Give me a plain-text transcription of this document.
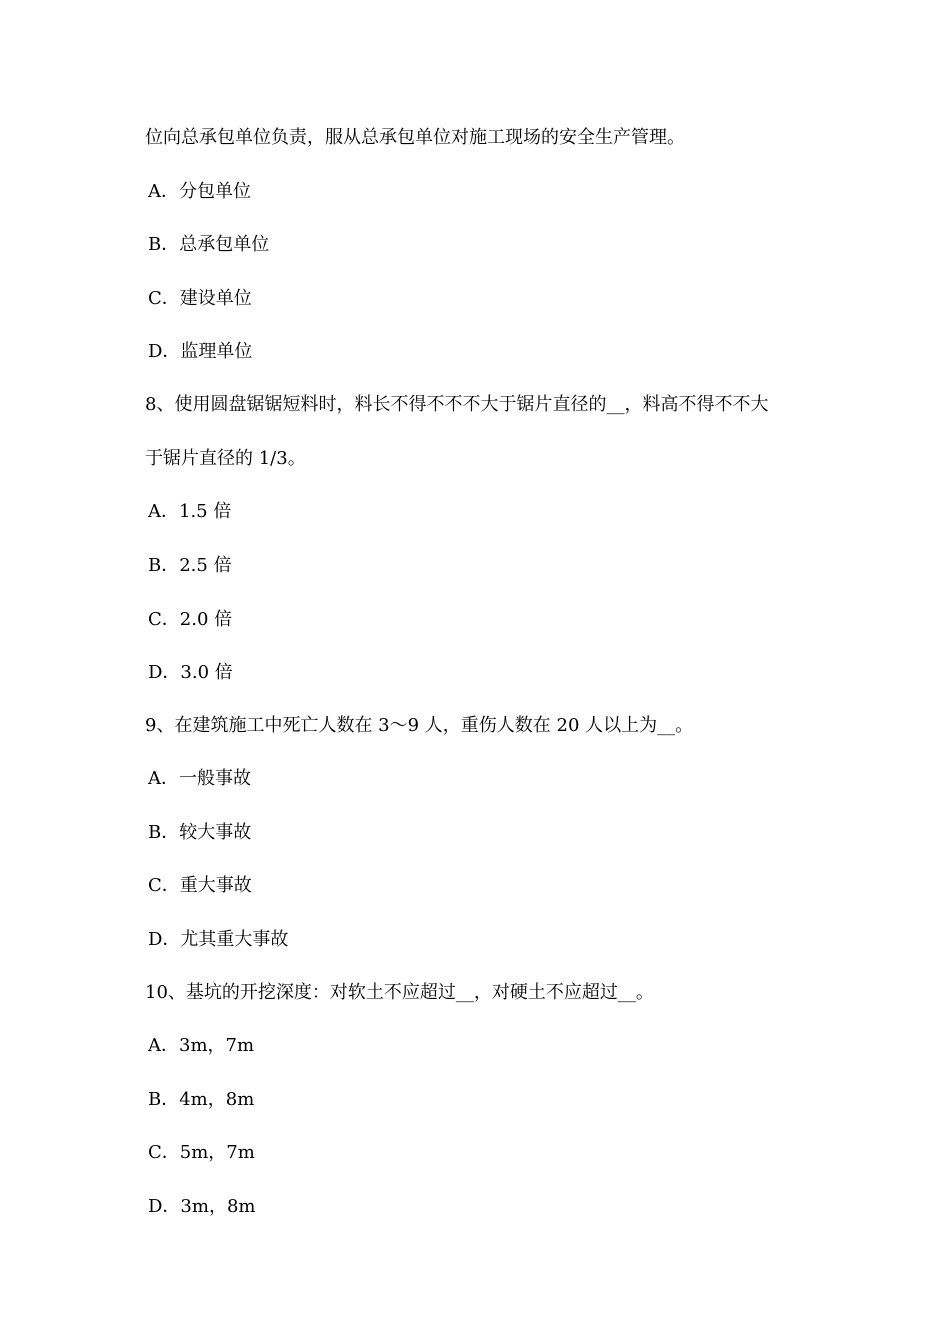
位向总承包单位负责，服从总承包单位对施工现场的安全生产管理。
A．分包单位
B．总承包单位
C．建设单位
D．监理单位
8、使用圆盘锯锯短料时，料长不得不不不大于锯片直径的__，料高不得不不大
于锯片直径的 1/3。
A．1.5 倍
B．2.5 倍
C．2.0 倍
D．3.0 倍
9、在建筑施工中死亡人数在 3～9 人，重伤人数在 20 人以上为__。
A．一般事故
B．较大事故
C．重大事故
D．尤其重大事故
10、基坑的开挖深度：对软土不应超过__，对硬土不应超过__。
A．3m，7m
B．4m，8m
C．5m，7m
D．3m，8m
